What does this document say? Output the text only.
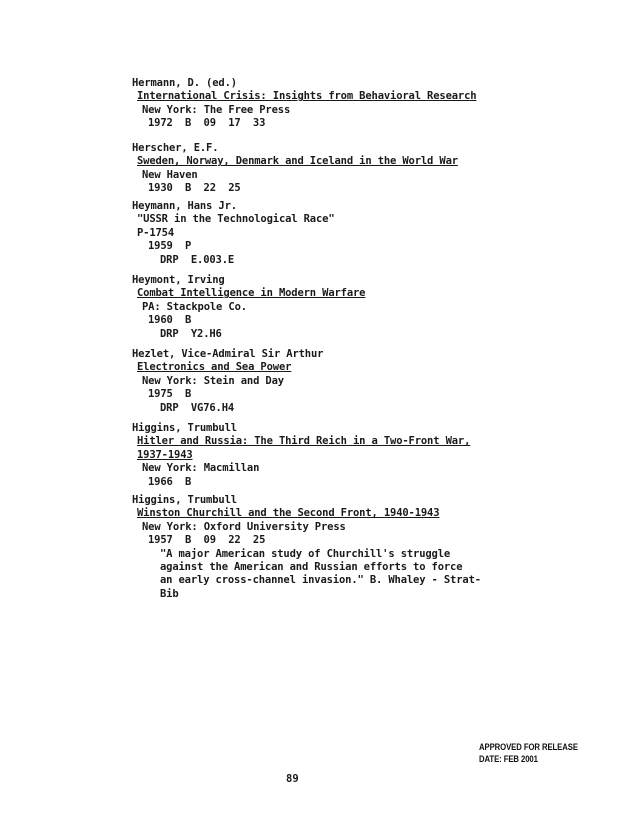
Hermann, D. (ed.)
International Crisis: Insights from Behavioral Research
New York: The Free Press
1972  B  09  17  33
Herscher, E.F.
Sweden, Norway, Denmark and Iceland in the World War
New Haven
1930  B  22  25
Heymann, Hans Jr.
"USSR in the Technological Race"
P-1754
1959  P
DRP  E.003.E
Heymont, Irving
Combat Intelligence in Modern Warfare
PA: Stackpole Co.
1960  B
DRP  Y2.H6
Hezlet, Vice-Admiral Sir Arthur
Electronics and Sea Power
New York: Stein and Day
1975  B
DRP  VG76.H4
Higgins, Trumbull
Hitler and Russia: The Third Reich in a Two-Front War,
1937-1943
New York: Macmillan
1966  B
Higgins, Trumbull
Winston Churchill and the Second Front, 1940-1943
New York: Oxford University Press
1957  B  09  22  25
"A major American study of Churchill's struggle
against the American and Russian efforts to force
an early cross-channel invasion." B. Whaley - Strat-
Bib
APPROVED FOR RELEASE
DATE: FEB 2001
89
